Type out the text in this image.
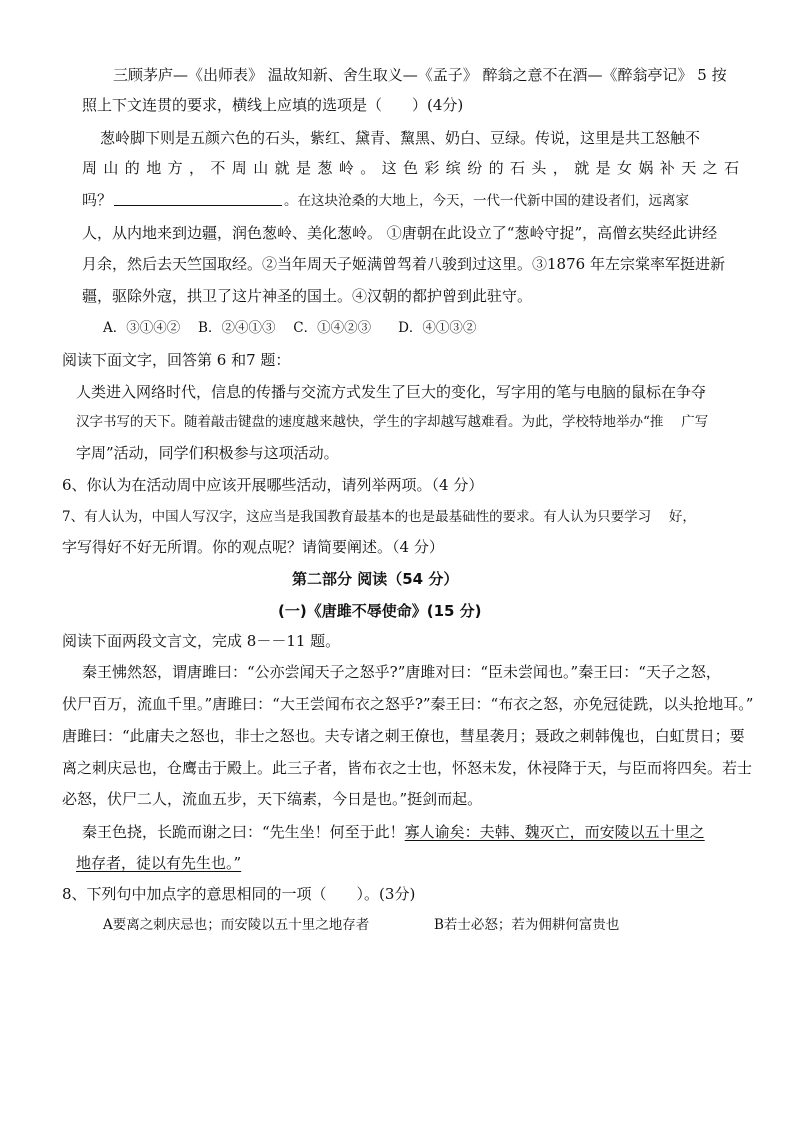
三顾茅庐—《出师表》 温故知新、舍生取义—《孟子》 醉翁之意不在酒—《醉翁亭记》 5 按
照上下文连贯的要求，横线上应填的选项是（　　）(4分)
葱岭脚下则是五颜六色的石头，紫红、黛青、黧黑、奶白、豆绿。传说，这里是共工怒触不
周山的地方，不周山就是葱岭。这色彩缤纷的石头，就是女娲补天之石
吗？	。在这块沧桑的大地上，今天，一代一代新中国的建设者们，远离家
人，从内地来到边疆，润色葱岭、美化葱岭。 ①唐朝在此设立了“葱岭守捉”，高僧玄奘经此讲经
月余，然后去天竺国取经。②当年周天子姬满曾驾着八骏到过这里。③1876 年左宗棠率军挺进新
疆，驱除外寇，拱卫了这片神圣的国土。④汉朝的都护曾到此驻守。
A．③①④②　 B．②④①③　 C．①④②③　　D．④①③②
阅读下面文字，回答第 6 和7 题：
人类进入网络时代，信息的传播与交流方式发生了巨大的变化，写字用的笔与电脑的鼠标在争夺
汉字书写的天下。随着敲击键盘的速度越来越快，学生的字却越写越难看。为此，学校特地举办“推　 广写
字周”活动，同学们积极参与这项活动。
6、你认为在活动周中应该开展哪些活动，请列举两项。（4 分）
7、有人认为，中国人写汉字，这应当是我国教育最基本的也是最基础性的要求。有人认为只要学习　 好，
字写得好不好无所谓。你的观点呢？请简要阐述。（4 分）
第二部分 阅读（54 分）
(一)《唐雎不辱使命》(15 分)
阅读下面两段文言文，完成 8－－11 题。
秦王怫然怒，谓唐雎曰：“公亦尝闻天子之怒乎?”唐雎对曰：“臣未尝闻也。”秦王曰：“天子之怒，
伏尸百万，流血千里。”唐雎曰：“大王尝闻布衣之怒乎?”秦王曰：“布衣之怒，亦免冠徒跣，以头抢地耳。”
唐雎曰：“此庸夫之怒也，非士之怒也。夫专诸之刺王僚也，彗星袭月；聂政之刺韩傀也，白虹贯日；要
离之刺庆忌也，仓鹰击于殿上。此三子者，皆布衣之士也，怀怒未发，休祲降于天，与臣而将四矣。若士
必怒，伏尸二人，流血五步，天下缟素，今日是也。”挺剑而起。
秦王色挠，长跪而谢之曰：“先生坐！何至于此！寡人谕矣：夫韩、魏灭亡，而安陵以五十里之
地存者，徒以有先生也。”
8、下列句中加点字的意思相同的一项（　　）。(3分)
A要离之刺庆忌也；而安陵以五十里之地存者	B若士必怒；若为佣耕何富贵也
